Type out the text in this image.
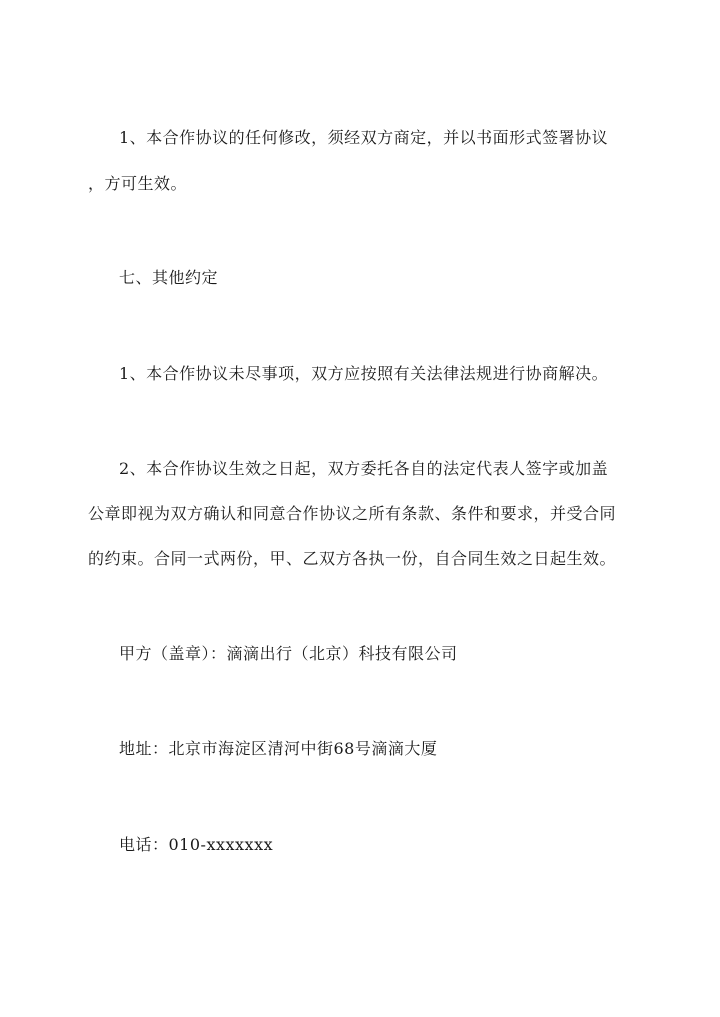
1、本合作协议的任何修改，须经双方商定，并以书面形式签署协议
，方可生效。
七、其他约定
1、本合作协议未尽事项，双方应按照有关法律法规进行协商解决。
2、本合作协议生效之日起，双方委托各自的法定代表人签字或加盖
公章即视为双方确认和同意合作协议之所有条款、条件和要求，并受合同
的约束。合同一式两份，甲、乙双方各执一份，自合同生效之日起生效。
甲方（盖章）：滴滴出行（北京）科技有限公司
地址：北京市海淀区清河中街68号滴滴大厦
电话：010-xxxxxxx
